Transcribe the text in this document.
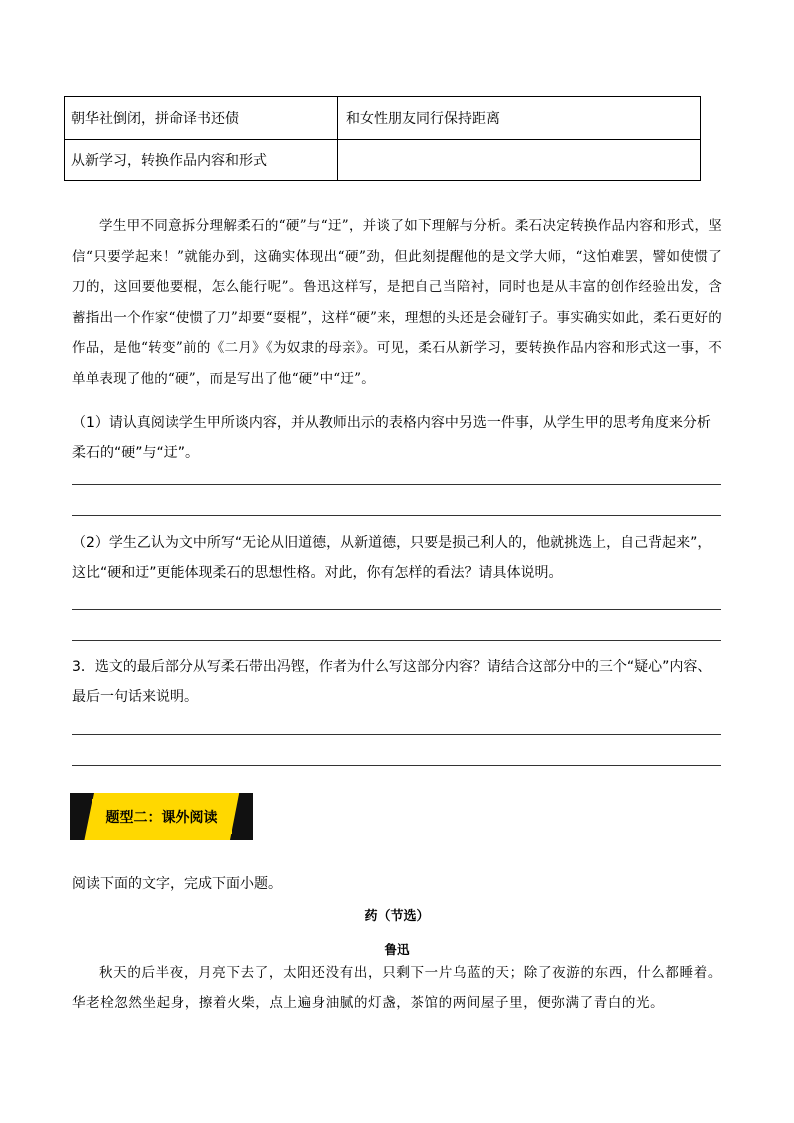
朝华社倒闭，拼命译书还债	和女性朋友同行保持距离
从新学习，转换作品内容和形式
学生甲不同意拆分理解柔石的“硬”与“迂”，并谈了如下理解与分析。柔石决定转换作品内容和形式，坚信“只要学起来！”就能办到，这确实体现出“硬”劲，但此刻提醒他的是文学大师，“这怕难罢，譬如使惯了刀的，这回要他要棍，怎么能行呢”。鲁迅这样写，是把自己当陪衬，同时也是从丰富的创作经验出发，含蓄指出一个作家“使惯了刀”却要“耍棍”，这样“硬”来，理想的头还是会碰钉子。事实确实如此，柔石更好的作品，是他“转变”前的《二月》《为奴隶的母亲》。可见，柔石从新学习，要转换作品内容和形式这一事，不单单表现了他的“硬”，而是写出了他“硬”中“迂”。
（1）请认真阅读学生甲所谈内容，并从教师出示的表格内容中另选一件事，从学生甲的思考角度来分析柔石的“硬”与“迂”。
（2）学生乙认为文中所写“无论从旧道德，从新道德，只要是损己利人的，他就挑选上，自己背起来”，这比“硬和迂”更能体现柔石的思想性格。对此，你有怎样的看法？请具体说明。
3．选文的最后部分从写柔石带出冯铿，作者为什么写这部分内容？请结合这部分中的三个“疑心”内容、最后一句话来说明。
题型二：课外阅读
阅读下面的文字，完成下面小题。
药（节选）
鲁迅
秋天的后半夜，月亮下去了，太阳还没有出，只剩下一片乌蓝的天；除了夜游的东西，什么都睡着。华老栓忽然坐起身，擦着火柴，点上遍身油腻的灯盏，茶馆的两间屋子里，便弥满了青白的光。
